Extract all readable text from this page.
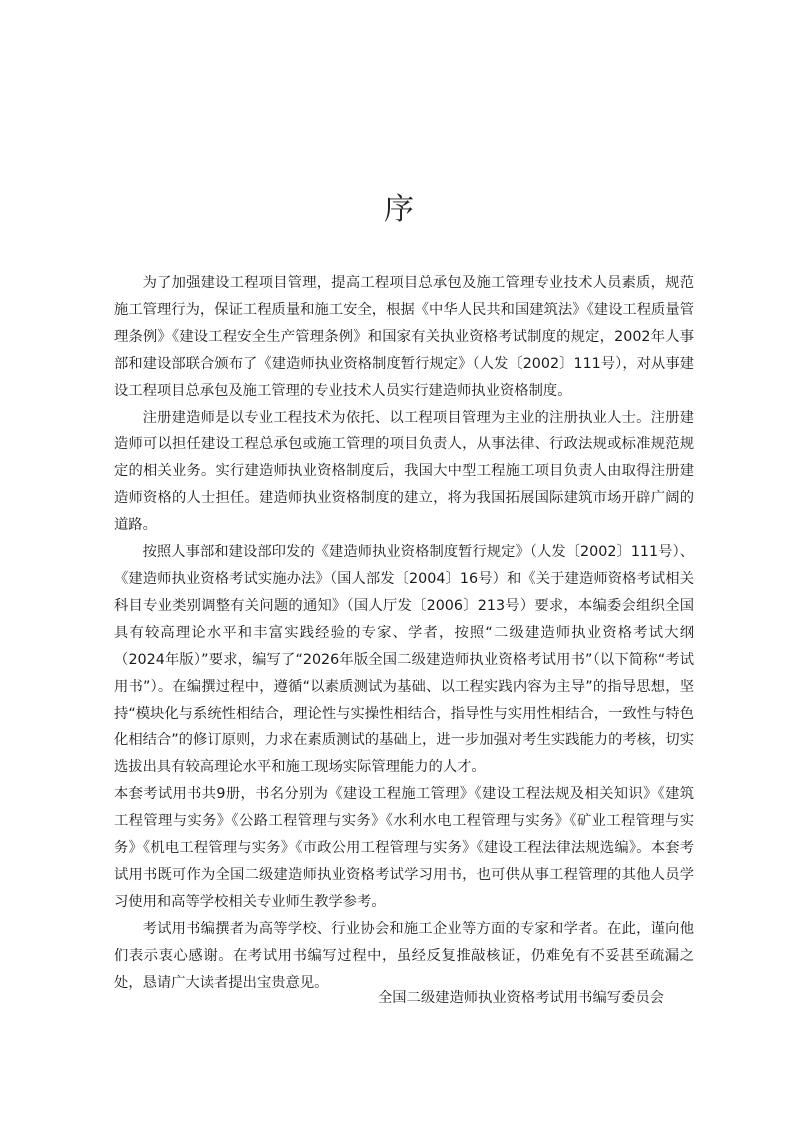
序

为了加强建设工程项目管理，提高工程项目总承包及施工管理专业技术人员素质，规范施工管理行为，保证工程质量和施工安全，根据《中华人民共和国建筑法》《建设工程质量管理条例》《建设工程安全生产管理条例》和国家有关执业资格考试制度的规定，2002年人事部和建设部联合颁布了《建造师执业资格制度暂行规定》（人发〔2002〕111号），对从事建设工程项目总承包及施工管理的专业技术人员实行建造师执业资格制度。

注册建造师是以专业工程技术为依托、以工程项目管理为主业的注册执业人士。注册建造师可以担任建设工程总承包或施工管理的项目负责人，从事法律、行政法规或标准规范规定的相关业务。实行建造师执业资格制度后，我国大中型工程施工项目负责人由取得注册建造师资格的人士担任。建造师执业资格制度的建立，将为我国拓展国际建筑市场开辟广阔的道路。

按照人事部和建设部印发的《建造师执业资格制度暂行规定》（人发〔2002〕111号）、《建造师执业资格考试实施办法》（国人部发〔2004〕16号）和《关于建造师资格考试相关科目专业类别调整有关问题的通知》（国人厅发〔2006〕213号）要求，本编委会组织全国具有较高理论水平和丰富实践经验的专家、学者，按照“二级建造师执业资格考试大纲（2024年版）”要求，编写了“2026年版全国二级建造师执业资格考试用书”（以下简称“考试用书”）。在编撰过程中，遵循“以素质测试为基础、以工程实践内容为主导”的指导思想，坚持“模块化与系统性相结合，理论性与实操性相结合，指导性与实用性相结合，一致性与特色化相结合”的修订原则，力求在素质测试的基础上，进一步加强对考生实践能力的考核，切实选拔出具有较高理论水平和施工现场实际管理能力的人才。

本套考试用书共9册，书名分别为《建设工程施工管理》《建设工程法规及相关知识》《建筑工程管理与实务》《公路工程管理与实务》《水利水电工程管理与实务》《矿业工程管理与实务》《机电工程管理与实务》《市政公用工程管理与实务》《建设工程法律法规选编》。本套考试用书既可作为全国二级建造师执业资格考试学习用书，也可供从事工程管理的其他人员学习使用和高等学校相关专业师生教学参考。

考试用书编撰者为高等学校、行业协会和施工企业等方面的专家和学者。在此，谨向他们表示衷心感谢。在考试用书编写过程中，虽经反复推敲核证，仍难免有不妥甚至疏漏之处，恳请广大读者提出宝贵意见。

全国二级建造师执业资格考试用书编写委员会
